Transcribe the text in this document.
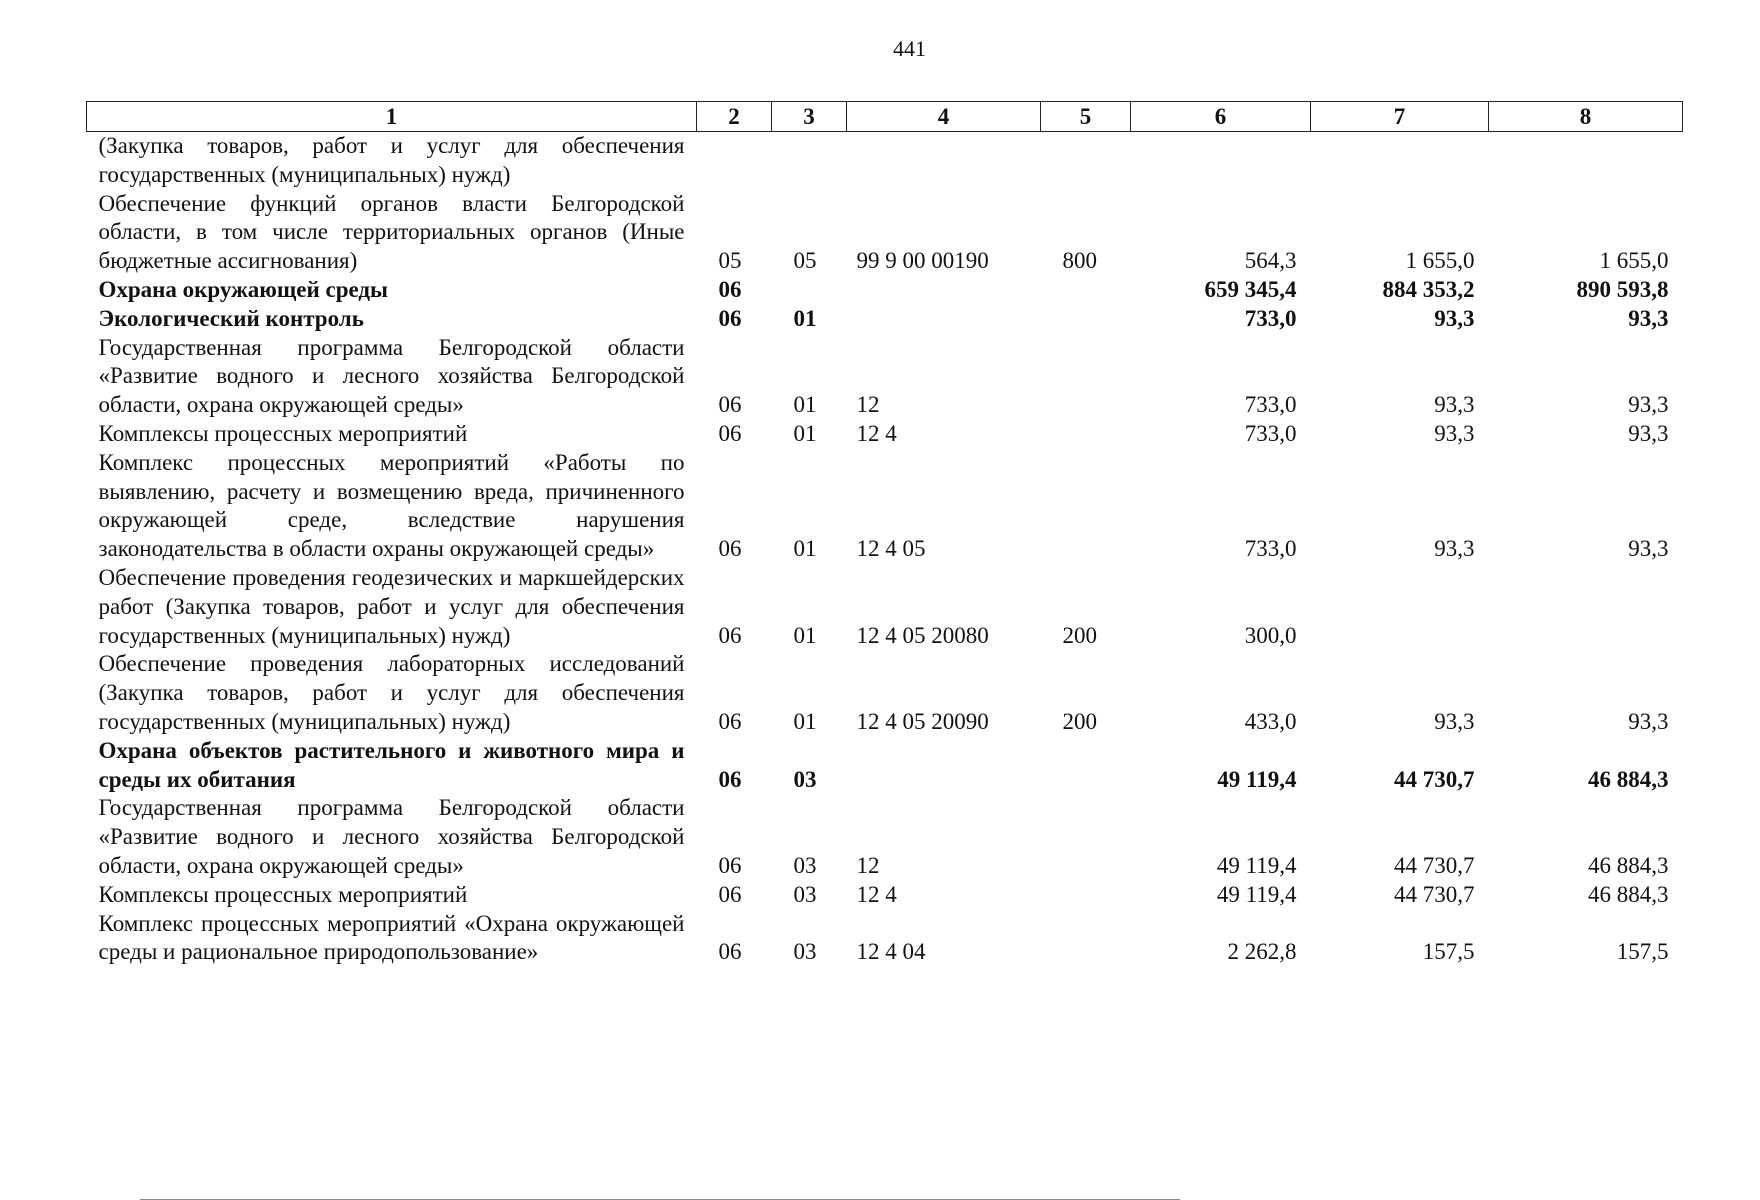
441
1	2	3	4	5	6	7	8
(Закупка товаров, работ и услуг для обеспечения государственных (муниципальных) нужд)							
Обеспечение функций органов власти Белгородской области, в том числе территориальных органов (Иные бюджетные ассигнования)	05	05	99 9 00 00190	800	564,3	1 655,0	1 655,0
Охрана окружающей среды	06				659 345,4	884 353,2	890 593,8
Экологический контроль	06	01			733,0	93,3	93,3
Государственная программа Белгородской области «Развитие водного и лесного хозяйства Белгородской области, охрана окружающей среды»	06	01	12		733,0	93,3	93,3
Комплексы процессных мероприятий	06	01	12 4		733,0	93,3	93,3
Комплекс процессных мероприятий «Работы по выявлению, расчету и возмещению вреда, причиненного окружающей среде, вследствие нарушения законодательства в области охраны окружающей среды»	06	01	12 4 05		733,0	93,3	93,3
Обеспечение проведения геодезических и маркшейдерских работ (Закупка товаров, работ и услуг для обеспечения государственных (муниципальных) нужд)	06	01	12 4 05 20080	200	300,0		
Обеспечение проведения лабораторных исследований (Закупка товаров, работ и услуг для обеспечения государственных (муниципальных) нужд)	06	01	12 4 05 20090	200	433,0	93,3	93,3
Охрана объектов растительного и животного мира и среды их обитания	06	03			49 119,4	44 730,7	46 884,3
Государственная программа Белгородской области «Развитие водного и лесного хозяйства Белгородской области, охрана окружающей среды»	06	03	12		49 119,4	44 730,7	46 884,3
Комплексы процессных мероприятий	06	03	12 4		49 119,4	44 730,7	46 884,3
Комплекс процессных мероприятий «Охрана окружающей среды и рациональное природопользование»	06	03	12 4 04		2 262,8	157,5	157,5
